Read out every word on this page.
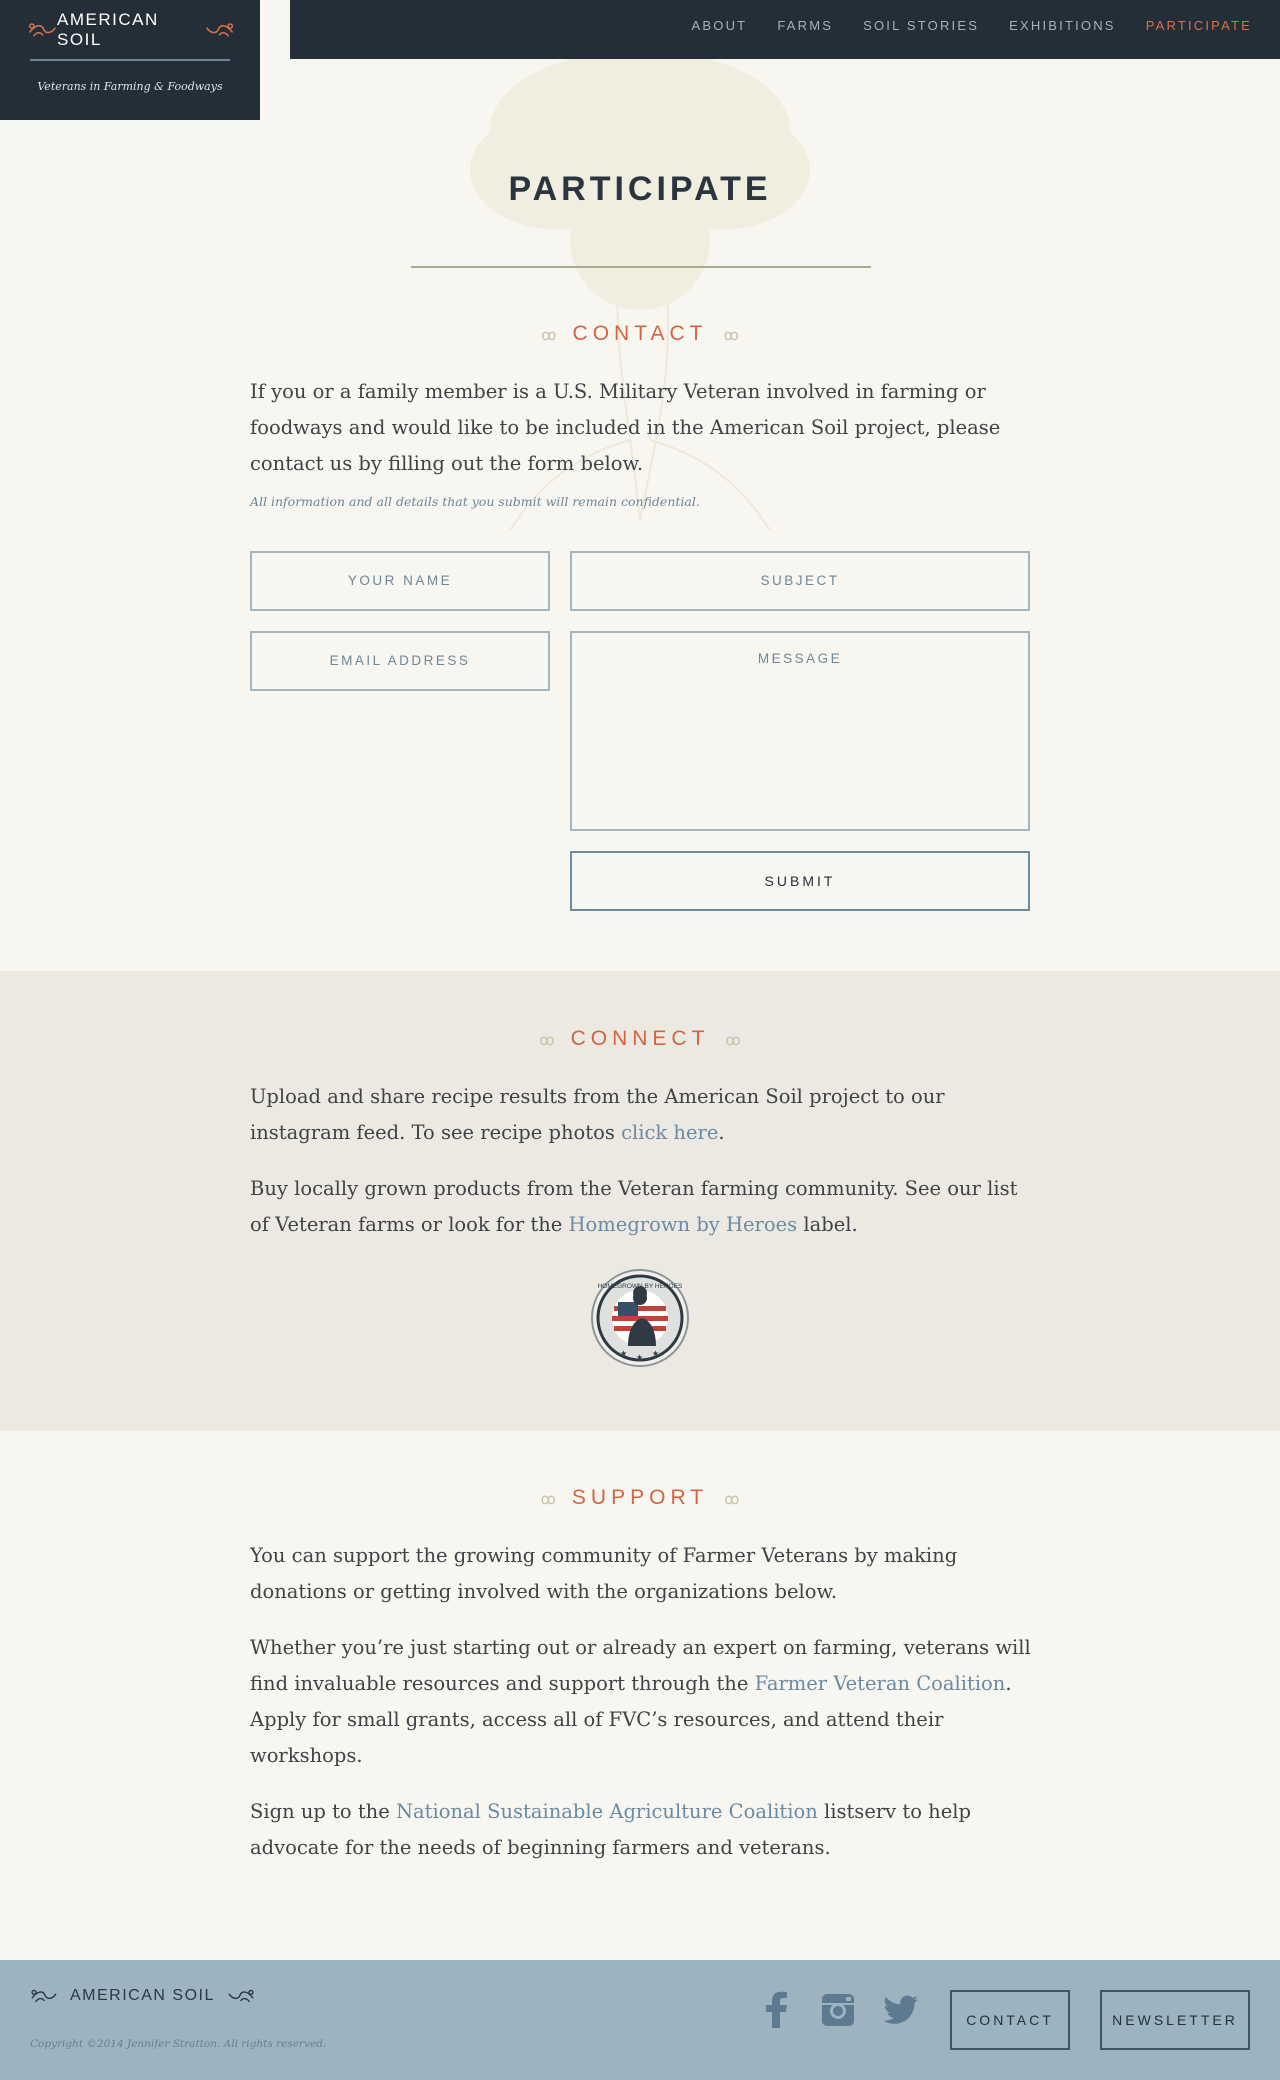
ABOUT FARMS SOIL STORIES EXHIBITIONS PARTICIPATE
AMERICAN SOIL
Veterans in Farming & Foodways
PARTICIPATE
ꝏ CONTACT ꝏ

If you or a family member is a U.S. Military Veteran involved in farming or foodways and would like to be included in the American Soil project, please contact us by filling out the form below.

All information and all details that you submit will remain confidential.

YOUR NAME	SUBJECT
EMAIL ADDRESS	MESSAGE
SUBMIT
ꝏ CONNECT ꝏ

Upload and share recipe results from the American Soil project to our instagram feed. To see recipe photos click here.

Buy locally grown products from the Veteran farming community. See our list of Veteran farms or look for the Homegrown by Heroes label.

HOMEGROWN BY HEROES
★ ★ ★
ꝏ SUPPORT ꝏ

You can support the growing community of Farmer Veterans by making donations or getting involved with the organizations below.

Whether you’re just starting out or already an expert on farming, veterans will find invaluable resources and support through the Farmer Veteran Coalition. Apply for small grants, access all of FVC’s resources, and attend their workshops.

Sign up to the National Sustainable Agriculture Coalition listserv to help advocate for the needs of beginning farmers and veterans.

AMERICAN SOIL
Copyright ©2014 Jennifer Stratton. All rights reserved.
CONTACT	NEWSLETTER
